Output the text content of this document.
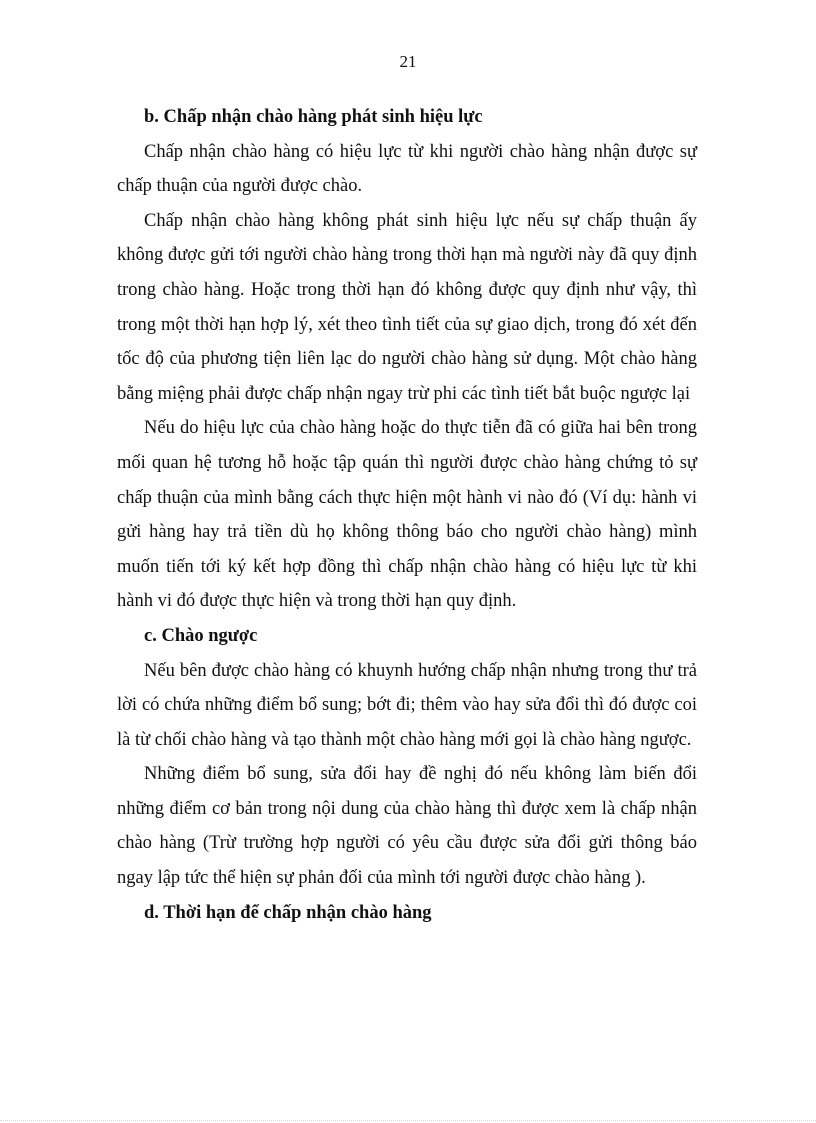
21

b. Chấp nhận chào hàng phát sinh hiệu lực

Chấp nhận chào hàng có hiệu lực từ khi người chào hàng nhận được sự chấp thuận của người được chào.

Chấp nhận chào hàng không phát sinh hiệu lực nếu sự chấp thuận ấy không được gửi tới người chào hàng trong thời hạn mà người này đã quy định trong chào hàng. Hoặc trong thời hạn đó không được quy định như vậy, thì trong một thời hạn hợp lý, xét theo tình tiết của sự giao dịch, trong đó xét đến tốc độ của phương tiện liên lạc do người chào hàng sử dụng. Một chào hàng bằng miệng phải được chấp nhận ngay trừ phi các tình tiết bắt buộc ngược lại

Nếu do hiệu lực của chào hàng hoặc do thực tiễn đã có giữa hai bên trong mối quan hệ tương hỗ hoặc tập quán thì người được chào hàng chứng tỏ sự chấp thuận của mình bằng cách thực hiện một hành vi nào đó (Ví dụ: hành vi gửi hàng hay trả tiền dù họ không thông báo cho người chào hàng) mình muốn tiến tới ký kết hợp đồng thì chấp nhận chào hàng có hiệu lực từ khi hành vi đó được thực hiện và trong thời hạn quy định.

c. Chào ngược

Nếu bên được chào hàng có khuynh hướng chấp nhận nhưng trong thư trả lời có chứa những điểm bổ sung; bớt đi; thêm vào hay sửa đổi thì đó được coi là từ chối chào hàng và tạo thành một chào hàng mới gọi là chào hàng ngược.

Những điểm bổ sung, sửa đổi hay đề nghị đó nếu không làm biến đổi những điểm cơ bản trong nội dung của chào hàng thì được xem là chấp nhận chào hàng (Trừ trường hợp người có yêu cầu được sửa đổi gửi thông báo ngay lập tức thể hiện sự phản đối của mình tới người được chào hàng ).

d. Thời hạn để chấp nhận chào hàng
